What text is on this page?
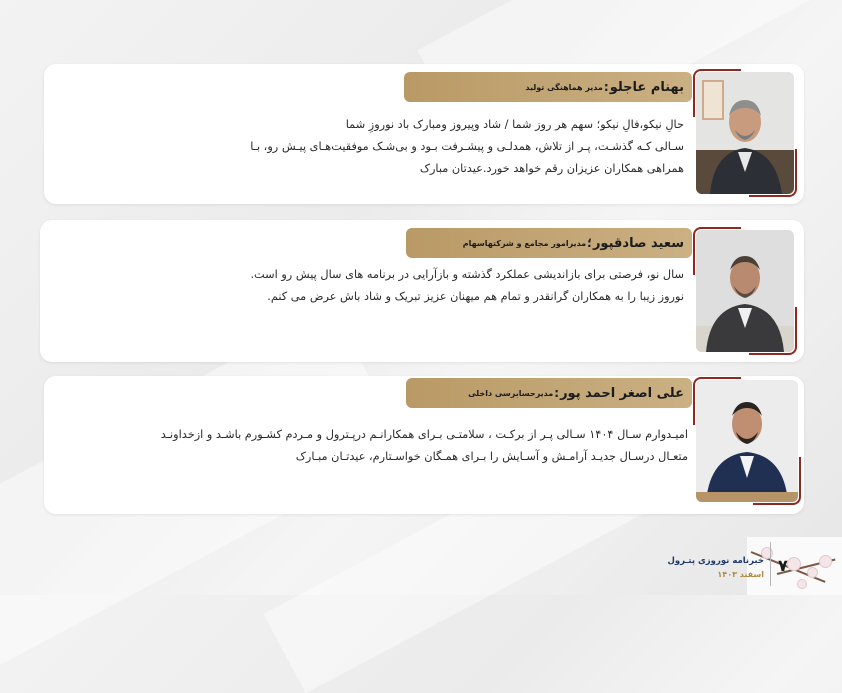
بهنام عاجلو
:
مدیر هماهنگی تولید
حالِ نیکو،فالِ نیکو؛ سهم هر روز شما / شاد وپیروز ومبارک باد نوروزِ شما
سـالی کـه گذشـت، پـر از تلاش، همدلـی و پیشـرفت بـود و بی‌شـک موفقیت‌هـای پیـش رو، بـا
همراهی همکاران عزیزان رقم خواهد خورد.عیدتان مبارک
سعید صادقپور
؛
مدیرامور مجامع و شرکتهاسهام
سال نو، فرصتی برای بازاندیشی عملکرد گذشته و بازآرایی در برنامه های سال پیش رو است.
نوروز زیبا را به همکاران گرانقدر و تمام هم میهنان عزیز تبریک و شاد باش عرض می کنم.
علی اصغر احمد پور
:
مدیرحسابرسی داخلی
امیـدوارم سـال ۱۴۰۴ سـالی پـر از برکـت ، سلامتـی بـرای همکارانـم درپـترول و مـردم کشـورم باشـد و ازخداونـد
متعـال درسـال جدیـد آرامـش و آسـایش را بـرای همـگان خواسـتارم، عیدتـان مبـارک
۷
خبرنامه نوروزی پتـرول
اسفند ۱۴۰۳
